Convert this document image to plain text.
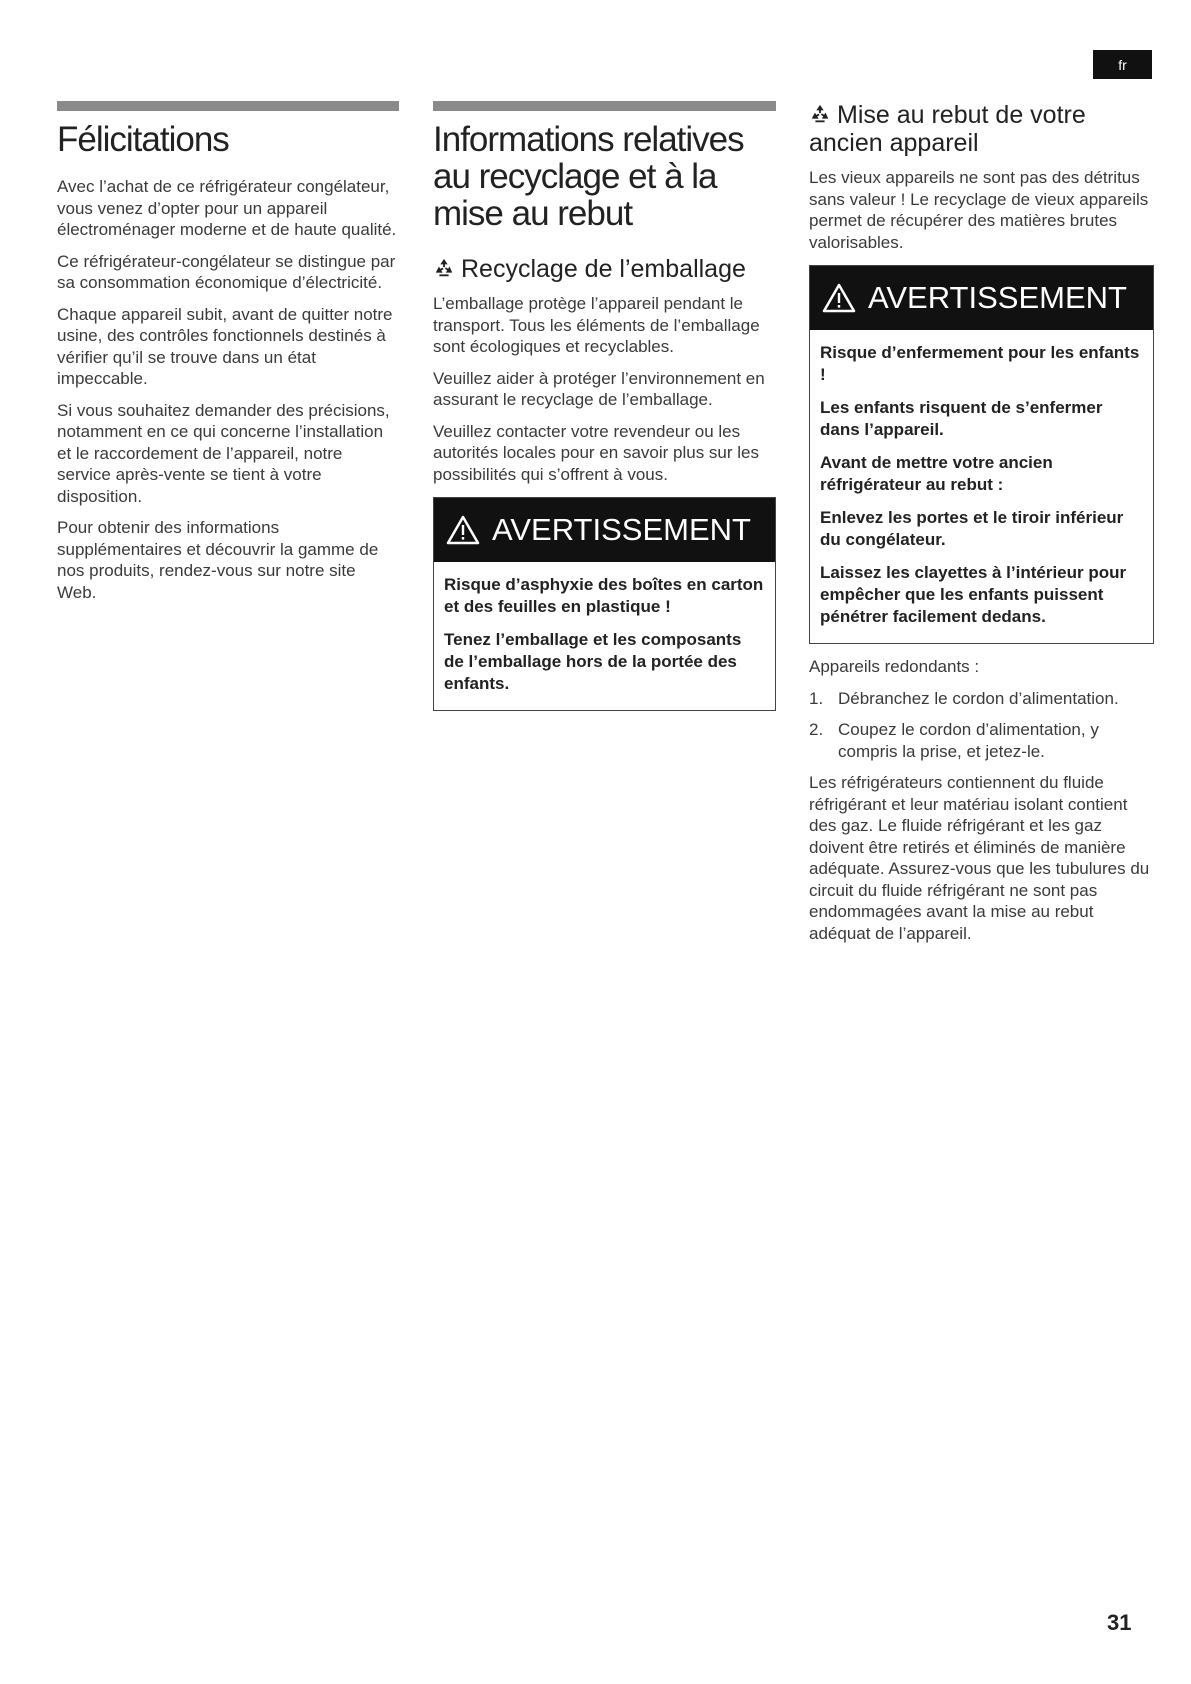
fr
Félicitations

Avec l’achat de ce réfrigérateur congélateur, vous venez d’opter pour un appareil électroménager moderne et de haute qualité.

Ce réfrigérateur-congélateur se distingue par sa consommation économique d’électricité.

Chaque appareil subit, avant de quitter notre usine, des contrôles fonctionnels destinés à vérifier qu’il se trouve dans un état impeccable.

Si vous souhaitez demander des précisions, notamment en ce qui concerne l’installation et le raccordement de l’appareil, notre service après-vente se tient à votre disposition.

Pour obtenir des informations supplémentaires et découvrir la gamme de nos produits, rendez-vous sur notre site Web.

Informations relatives au recyclage et à la mise au rebut
Recyclage de l’emballage

L’emballage protège l’appareil pendant le transport. Tous les éléments de l’emballage sont écologiques et recyclables.

Veuillez aider à protéger l’environnement en assurant le recyclage de l’emballage.

Veuillez contacter votre revendeur ou les autorités locales pour en savoir plus sur les possibilités qui s’offrent à vous.

AVERTISSEMENT

Risque d’asphyxie des boîtes en carton et des feuilles en plastique !

Tenez l’emballage et les composants de l’emballage hors de la portée des enfants.

Mise au rebut de votre ancien appareil

Les vieux appareils ne sont pas des détritus sans valeur ! Le recyclage de vieux appareils permet de récupérer des matières brutes valorisables.

AVERTISSEMENT

Risque d’enfermement pour les enfants !

Les enfants risquent de s’enfermer dans l’appareil.

Avant de mettre votre ancien réfrigérateur au rebut :

Enlevez les portes et le tiroir inférieur du congélateur.

Laissez les clayettes à l’intérieur pour empêcher que les enfants puissent pénétrer facilement dedans.

Appareils redondants :

1. Débranchez le cordon d’alimentation.
2. Coupez le cordon d’alimentation, y compris la prise, et jetez-le.

Les réfrigérateurs contiennent du fluide réfrigérant et leur matériau isolant contient des gaz. Le fluide réfrigérant et les gaz doivent être retirés et éliminés de manière adéquate. Assurez-vous que les tubulures du circuit du fluide réfrigérant ne sont pas endommagées avant la mise au rebut adéquat de l’appareil.

31
